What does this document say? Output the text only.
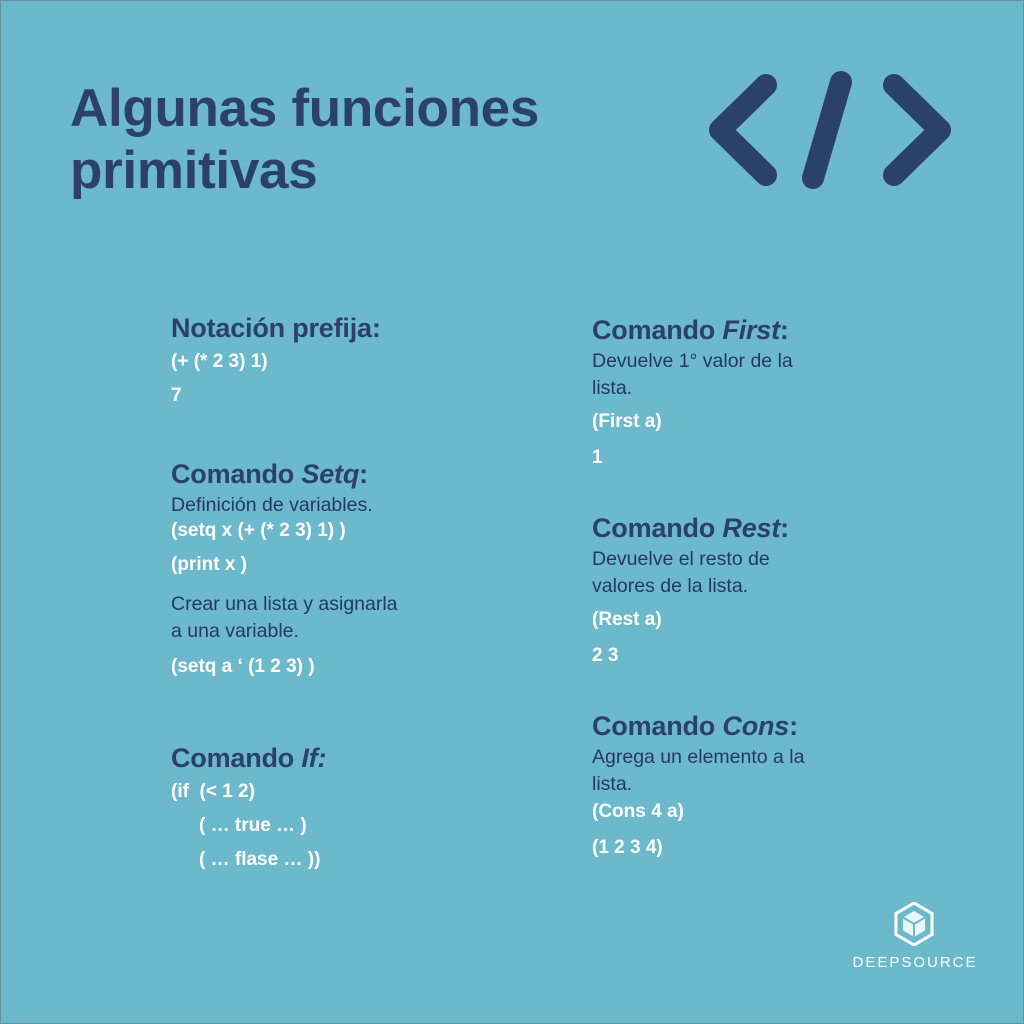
Algunas funciones
primitivas

Notación prefija:

(+ (* 2 3) 1)

7

Comando Setq:

Definición de variables.

(setq x (+ (* 2 3) 1) )

(print x )

Crear una lista y asignarla

a una variable.

(setq a ‘ (1 2 3) )

Comando If:

(if  (< 1 2)

( … true … )

( … flase … ))

Comando First:

Devuelve 1° valor de la

lista.

(First a)

1

Comando Rest:

Devuelve el resto de

valores de la lista.

(Rest a)

2 3

Comando Cons:

Agrega un elemento a la

lista.

(Cons 4 a)

(1 2 3 4)

DEEPSOURCE
